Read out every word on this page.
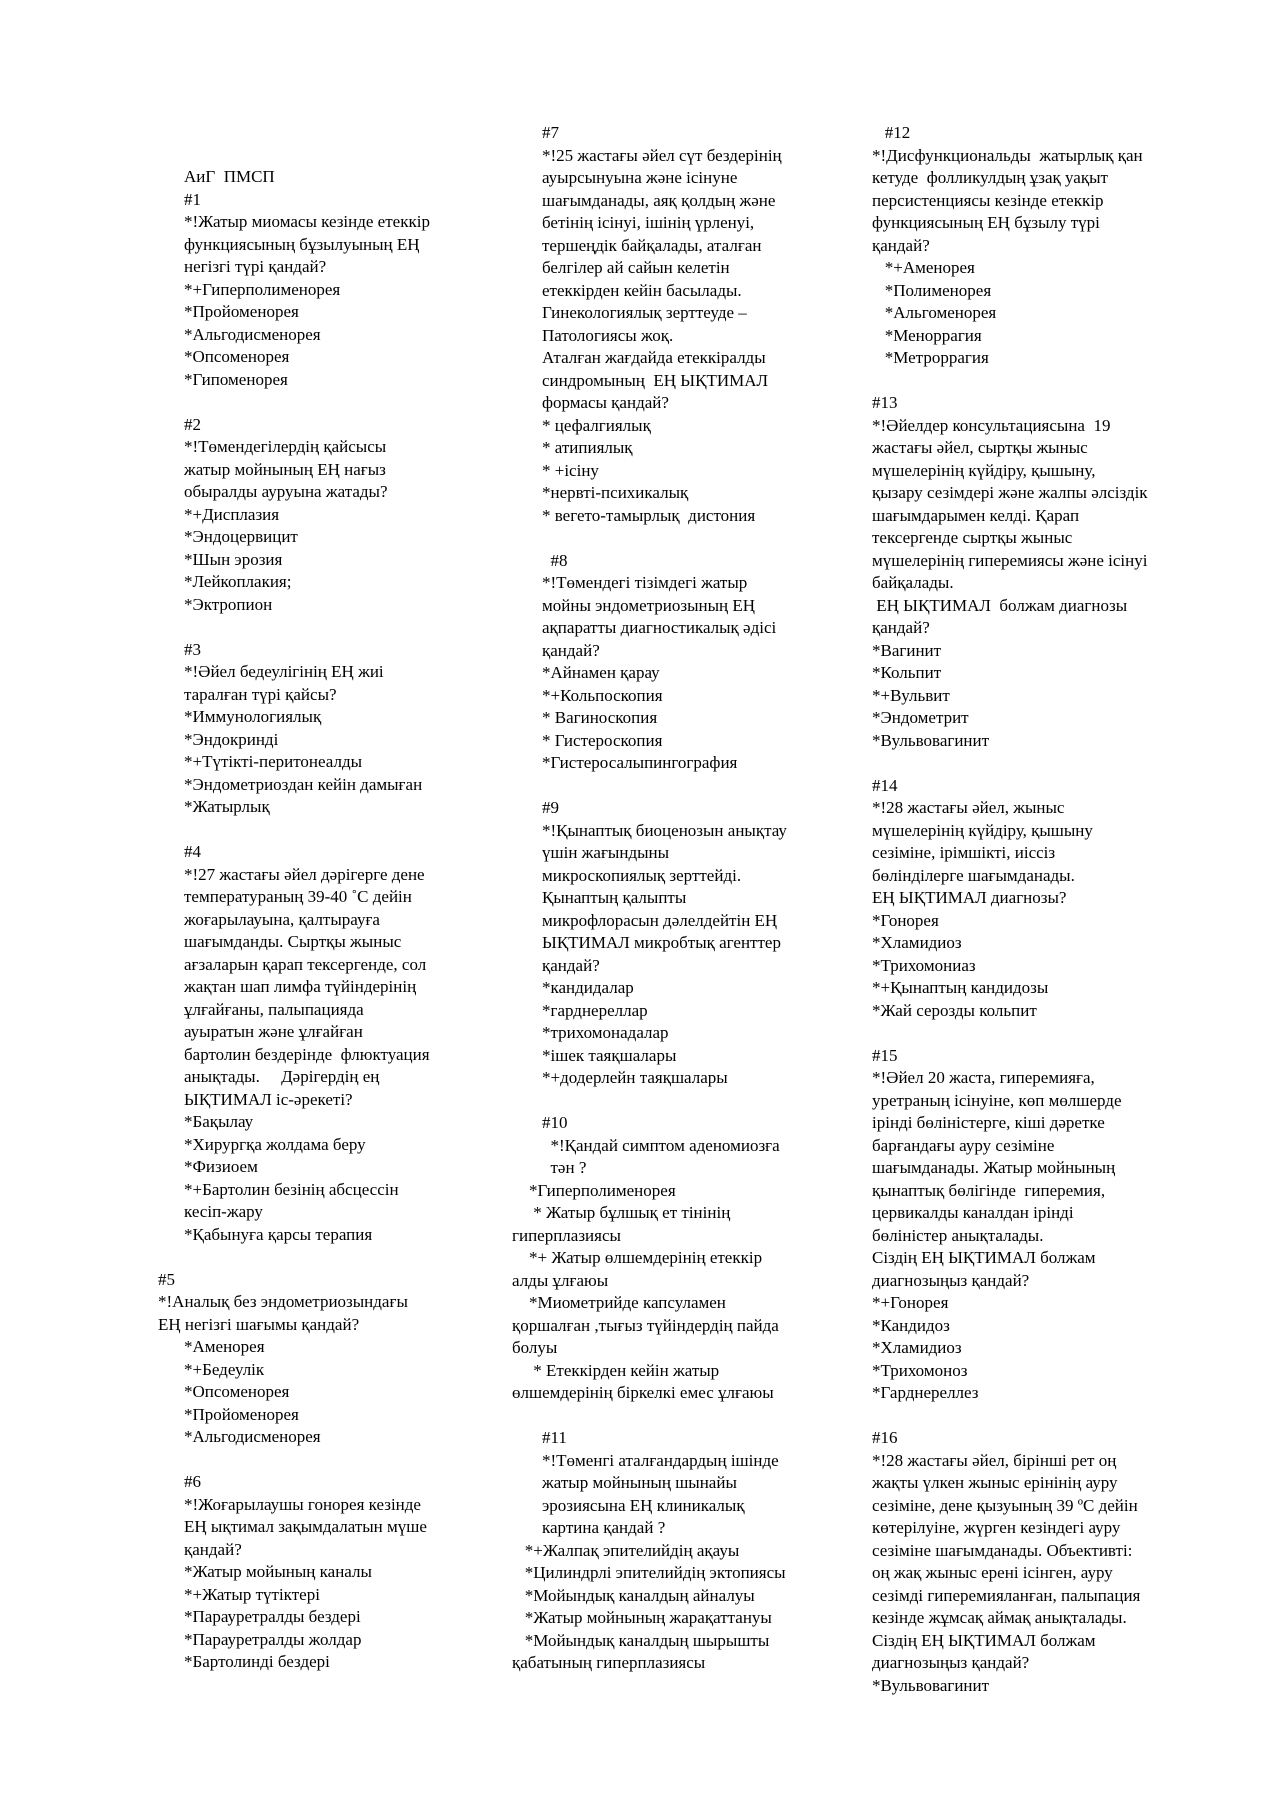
АиГ  ПМСП
#1
*!Жатыр миомасы кезінде етеккір
функциясының бұзылуының ЕҢ
негізгі түрі қандай?
*+Гиперполименорея
*Пройоменорея
*Альгодисменорея
*Опсоменорея
*Гипоменорея
#2
*!Төмендегілердің қайсысы
жатыр мойнының ЕҢ нағыз
обыралды ауруына жатады?
*+Дисплазия
*Эндоцервицит
*Шын эрозия
*Лейкоплакия;
*Эктропион
#3
*!Әйел бедеулігінің ЕҢ жиі
таралған түрі қайсы?
*Иммунологиялық
*Эндокринді
*+Түтікті-перитонеалды
*Эндометриоздан кейін дамыған
*Жатырлық
#4
*!27 жастағы әйел дәрігерге дене
температураның 39-40 ˚С дейін
жоғарылауына, қалтырауға
шағымданды. Сыртқы жыныс
ағзаларын қарап тексергенде, сол
жақтан шап лимфа түйіндерінің
ұлғайғаны, палыпацияда
ауыратын және ұлғайған
бартолин бездерінде  флюктуация
анықтады.     Дәрігердің ең
ЫҚТИМАЛ іс-әрекеті?
*Бақылау
*Хирургқа жолдама беру
*Физиоем
*+Бартолин безінің абсцессін
кесіп-жару
*Қабынуға қарсы терапия
#5
*!Аналық без эндометриозындағы
ЕҢ негізгі шағымы қандай?
*Аменорея
*+Бедеулік
*Опсоменорея
*Пройоменорея
*Альгодисменорея
#6
*!Жоғарылаушы гонорея кезінде
ЕҢ ықтимал зақымдалатын мүше
қандай?
*Жатыр мойының каналы
*+Жатыр түтіктері
*Парауретралды бездері
*Парауретралды жолдар
*Бартолинді бездері
#7
*!25 жастағы әйел сүт бездерінің
ауырсынуына және ісінуне
шағымданады, аяқ қолдың және
бетінің ісінуі, ішінің үрленуі,
тершеңдік байқалады, аталған
белгілер ай сайын келетін
етеккірден кейін басылады.
Гинекологиялық зерттеуде –
Патологиясы жоқ.
Аталған жағдайда етеккіралды
синдромының  ЕҢ ЫҚТИМАЛ
формасы қандай?
* цефалгиялық
* атипиялық
* +ісіну
*нервті-психикалық
* вегето-тамырлық  дистония
#8
*!Төмендегі тізімдегі жатыр
мойны эндометриозының ЕҢ
ақпаратты диагностикалық әдісі
қандай?
*Айнамен қарау
*+Кольпоскопия
* Вагиноскопия
* Гистероскопия
*Гистеросалыпингография
#9
*!Қынаптық биоценозын анықтау
үшін жағындыны
микроскопиялық зерттейді.
Қынаптың қалыпты
микрофлорасын дәлелдейтін ЕҢ
ЫҚТИМАЛ микробтық агенттер
қандай?
*кандидалар
*гарднереллар
*трихомонадалар
*ішек таяқшалары
*+додерлейн таяқшалары
#10
*!Қандай симптом аденомиозға
тән ?
*Гиперполименорея
* Жатыр бұлшық ет тінінің
гиперплазиясы
*+ Жатыр өлшемдерінің етеккір
алды ұлғаюы
*Миометрийде капсуламен
қоршалған ,тығыз түйіндердің пайда
болуы
* Етеккірден кейін жатыр
өлшемдерінің біркелкі емес ұлғаюы
#11
*!Төменгі аталғандардың ішінде
жатыр мойнының шынайы
эрозиясына ЕҢ клиникалық
картина қандай ?
*+Жалпақ эпителийдің ақауы
*Цилиндрлі эпителийдің эктопиясы
*Мойындық каналдың айналуы
*Жатыр мойнының жарақаттануы
*Мойындық каналдың шырышты
қабатының гиперплазиясы
#12
*!Дисфункциональды  жатырлық қан
кетуде  фолликулдың ұзақ уақыт
персистенциясы кезінде етеккір
функциясының ЕҢ бұзылу түрі
қандай?
*+Аменорея
*Полименорея
*Альгоменорея
*Меноррагия
*Метроррагия
#13
*!Әйелдер консультациясына  19
жастағы әйел, сыртқы жыныс
мүшелерінің күйдіру, қышыну,
қызару сезімдері және жалпы әлсіздік
шағымдарымен келді. Қарап
тексергенде сыртқы жыныс
мүшелерінің гиперемиясы және ісінуі
байқалады.
ЕҢ ЫҚТИМАЛ  болжам диагнозы
қандай?
*Вагинит
*Кольпит
*+Вульвит
*Эндометрит
*Вульвовагинит
#14
*!28 жастағы әйел, жыныс
мүшелерінің күйдіру, қышыну
сезіміне, ірімшікті, иіссіз
бөлінділерге шағымданады.
ЕҢ ЫҚТИМАЛ диагнозы?
*Гонорея
*Хламидиоз
*Трихомониаз
*+Қынаптың кандидозы
*Жай серозды кольпит
#15
*!Әйел 20 жаста, гиперемияға,
уретраның ісінуіне, көп мөлшерде
ірінді бөліністерге, кіші дәретке
барғандағы ауру сезіміне
шағымданады. Жатыр мойнының
қынаптық бөлігінде  гиперемия,
цервикалды каналдан ірінді
бөліністер анықталады.
Сіздің ЕҢ ЫҚТИМАЛ болжам
диагнозыңыз қандай?
*+Гонорея
*Кандидоз
*Хламидиоз
*Трихомоноз
*Гарднереллез
#16
*!28 жастағы әйел, бірінші рет оң
жақты үлкен жыныс ерінінің ауру
сезіміне, дене қызуының 39 ºС дейін
көтерілуіне, жүрген кезіндегі ауру
сезіміне шағымданады. Объективті:
оң жақ жыныс ерені ісінген, ауру
сезімді гиперемияланған, палыпация
кезінде жұмсақ аймақ анықталады.
Сіздің ЕҢ ЫҚТИМАЛ болжам
диагнозыңыз қандай?
*Вульвовагинит
